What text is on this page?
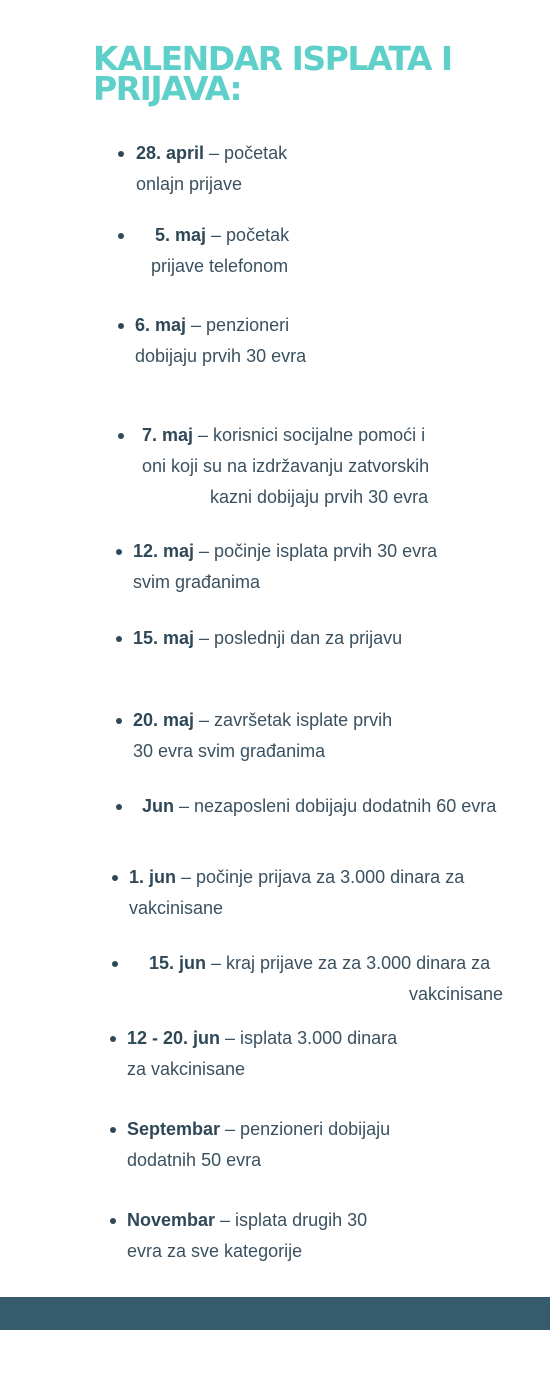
KALENDAR ISPLATA I
PRIJAVA:
28. april – početak
onlajn prijave
5. maj – početak
prijave telefonom
6. maj – penzioneri
dobijaju prvih 30 evra
7. maj – korisnici socijalne pomoći i
oni koji su na izdržavanju zatvorskih
kazni dobijaju prvih 30 evra
12. maj – počinje isplata prvih 30 evra
svim građanima
15. maj – poslednji dan za prijavu
20. maj – završetak isplate prvih
30 evra svim građanima
Jun – nezaposleni dobijaju dodatnih 60 evra
1. jun – počinje prijava za 3.000 dinara za
vakcinisane
15. jun – kraj prijave za za 3.000 dinara za
vakcinisane
12 - 20. jun – isplata 3.000 dinara
za vakcinisane
Septembar – penzioneri dobijaju
dodatnih 50 evra
Novembar – isplata drugih 30
evra za sve kategorije
